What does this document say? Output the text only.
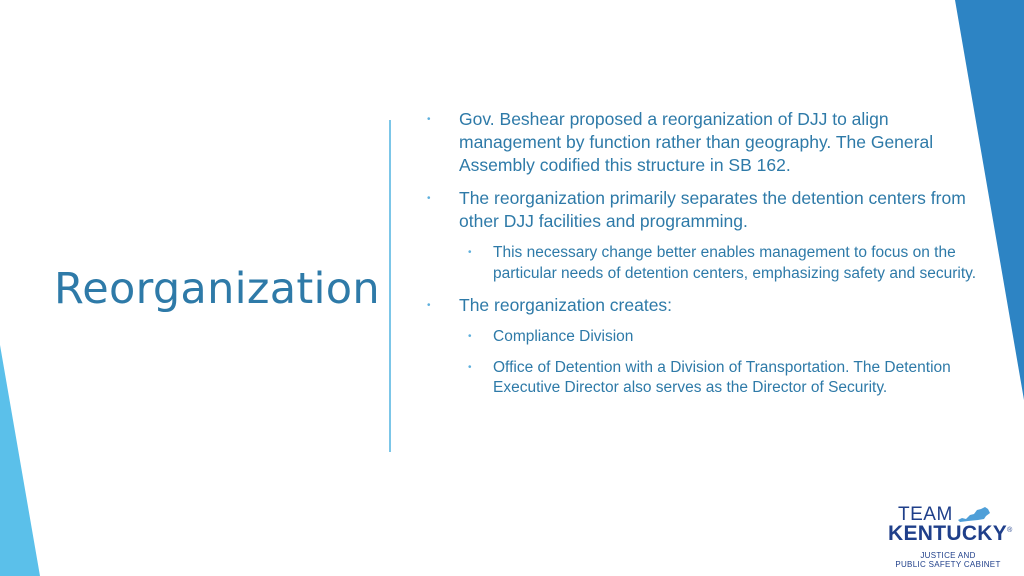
Reorganization
• Gov. Beshear proposed a reorganization of DJJ to align management by function rather than geography. The General Assembly codified this structure in SB 162.
• The reorganization primarily separates the detention centers from other DJJ facilities and programming.
• This necessary change better enables management to focus on the particular needs of detention centers, emphasizing safety and security.
• The reorganization creates:
• Compliance Division
• Office of Detention with a Division of Transportation. The Detention Executive Director also serves as the Director of Security.
TEAM
KENTUCKY®
JUSTICE AND
PUBLIC SAFETY CABINET
